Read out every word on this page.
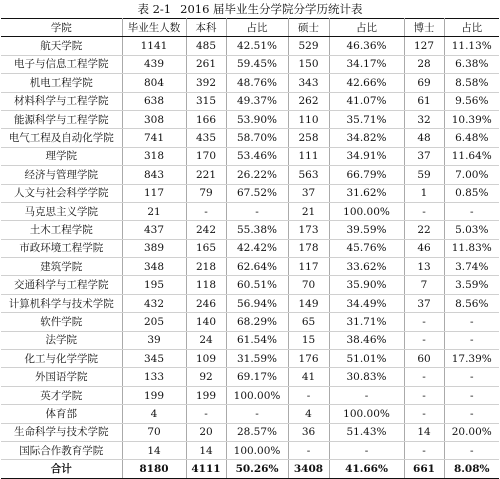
表 2-1 2016 届毕业生分学院分学历统计表
学院	毕业生人数	本科	占比	硕士	占比	博士	占比
航天学院	1141	485	42.51%	529	46.36%	127	11.13%
电子与信息工程学院	439	261	59.45%	150	34.17%	28	6.38%
机电工程学院	804	392	48.76%	343	42.66%	69	8.58%
材料科学与工程学院	638	315	49.37%	262	41.07%	61	9.56%
能源科学与工程学院	308	166	53.90%	110	35.71%	32	10.39%
电气工程及自动化学院	741	435	58.70%	258	34.82%	48	6.48%
理学院	318	170	53.46%	111	34.91%	37	11.64%
经济与管理学院	843	221	26.22%	563	66.79%	59	7.00%
人文与社会科学学院	117	79	67.52%	37	31.62%	1	0.85%
马克思主义学院	21	-	-	21	100.00%	-	-
土木工程学院	437	242	55.38%	173	39.59%	22	5.03%
市政环境工程学院	389	165	42.42%	178	45.76%	46	11.83%
建筑学院	348	218	62.64%	117	33.62%	13	3.74%
交通科学与工程学院	195	118	60.51%	70	35.90%	7	3.59%
计算机科学与技术学院	432	246	56.94%	149	34.49%	37	8.56%
软件学院	205	140	68.29%	65	31.71%	-	-
法学院	39	24	61.54%	15	38.46%	-	-
化工与化学学院	345	109	31.59%	176	51.01%	60	17.39%
外国语学院	133	92	69.17%	41	30.83%	-	-
英才学院	199	199	100.00%	-	-	-	-
体育部	4	-	-	4	100.00%	-	-
生命科学与技术学院	70	20	28.57%	36	51.43%	14	20.00%
国际合作教育学院	14	14	100.00%	-	-	-	-
合计	8180	4111	50.26%	3408	41.66%	661	8.08%
